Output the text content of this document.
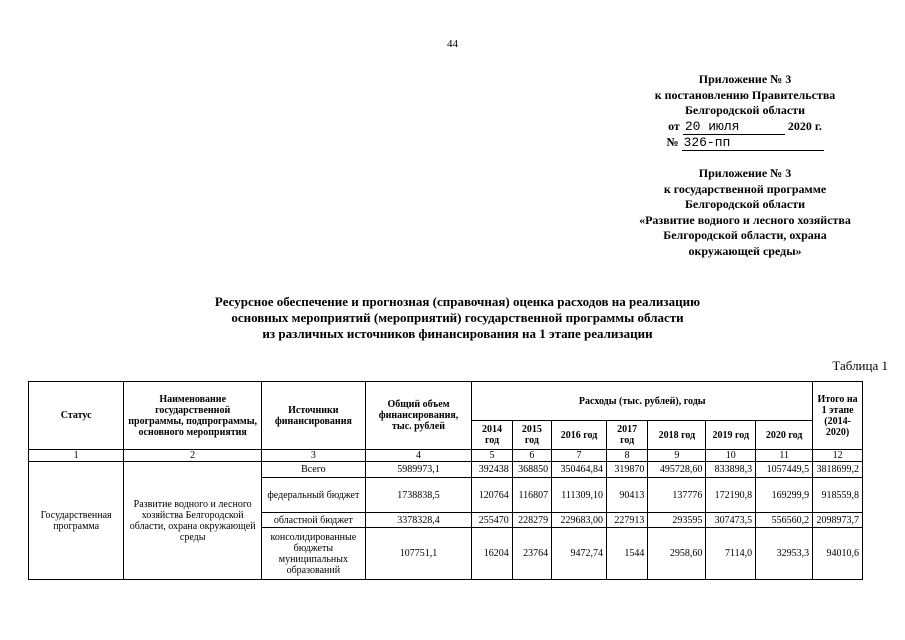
44
Приложение № 3
к постановлению Правительства
Белгородской области
от 20 июля	2020 г.
№ 326-пп
Приложение № 3
к государственной программе
Белгородской области
«Развитие водного и лесного хозяйства
Белгородской области, охрана
окружающей среды»
Ресурсное обеспечение и прогнозная (справочная) оценка расходов на реализацию
основных мероприятий (мероприятий) государственной программы области
из различных источников финансирования на 1 этапе реализации
Таблица 1
Статус	Наименование государственной программы, подпрограммы, основного мероприятия	Источники финансирования	Общий объем финансирования, тыс. рублей	Расходы (тыс. рублей), годы							Итого на 1 этапе (2014-2020)
				2014 год	2015 год	2016 год	2017 год	2018 год	2019 год	2020 год	
1	2	3	4	5	6	7	8	9	10	11	12
Государственная программа	Развитие водного и лесного хозяйства Белгородской области, охрана окружающей среды	Всего	5989973,1	392438	368850	350464,84	319870	495728,60	833898,3	1057449,5	3818699,2
		федеральный бюджет	1738838,5	120764	116807	111309,10	90413	137776	172190,8	169299,9	918559,8
		областной бюджет	3378328,4	255470	228279	229683,00	227913	293595	307473,5	556560,2	2098973,7
		консолидированные бюджеты муниципальных образований	107751,1	16204	23764	9472,74	1544	2958,60	7114,0	32953,3	94010,6
